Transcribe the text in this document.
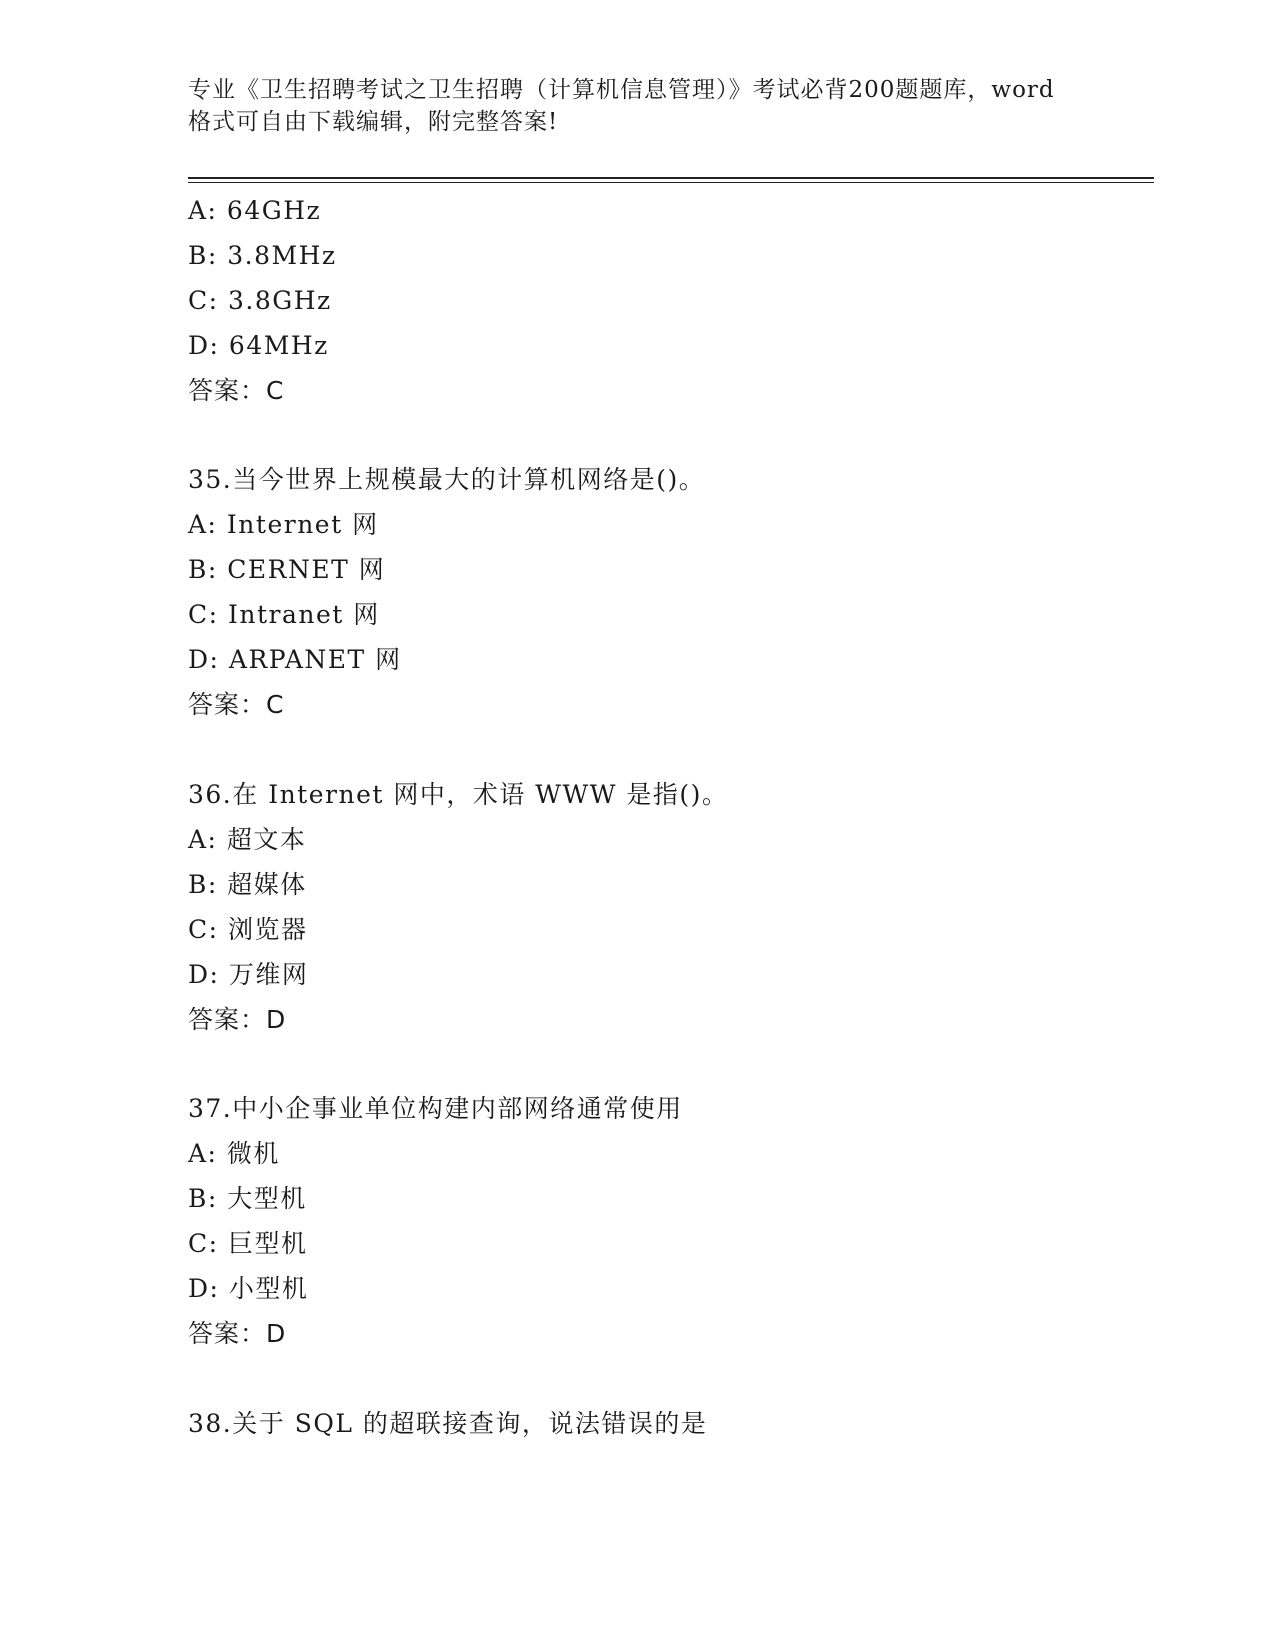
专业《卫生招聘考试之卫生招聘（计算机信息管理）》考试必背200题题库，word
格式可自由下载编辑，附完整答案!
A: 64GHz
B: 3.8MHz
C: 3.8GHz
D: 64MHz
答案：C
35.当今世界上规模最大的计算机网络是()。
A: Internet 网
B: CERNET 网
C: Intranet 网
D: ARPANET 网
答案：C
36.在 Internet 网中，术语 WWW 是指()。
A: 超文本
B: 超媒体
C: 浏览器
D: 万维网
答案：D
37.中小企事业单位构建内部网络通常使用
A: 微机
B: 大型机
C: 巨型机
D: 小型机
答案：D
38.关于 SQL 的超联接查询，说法错误的是
